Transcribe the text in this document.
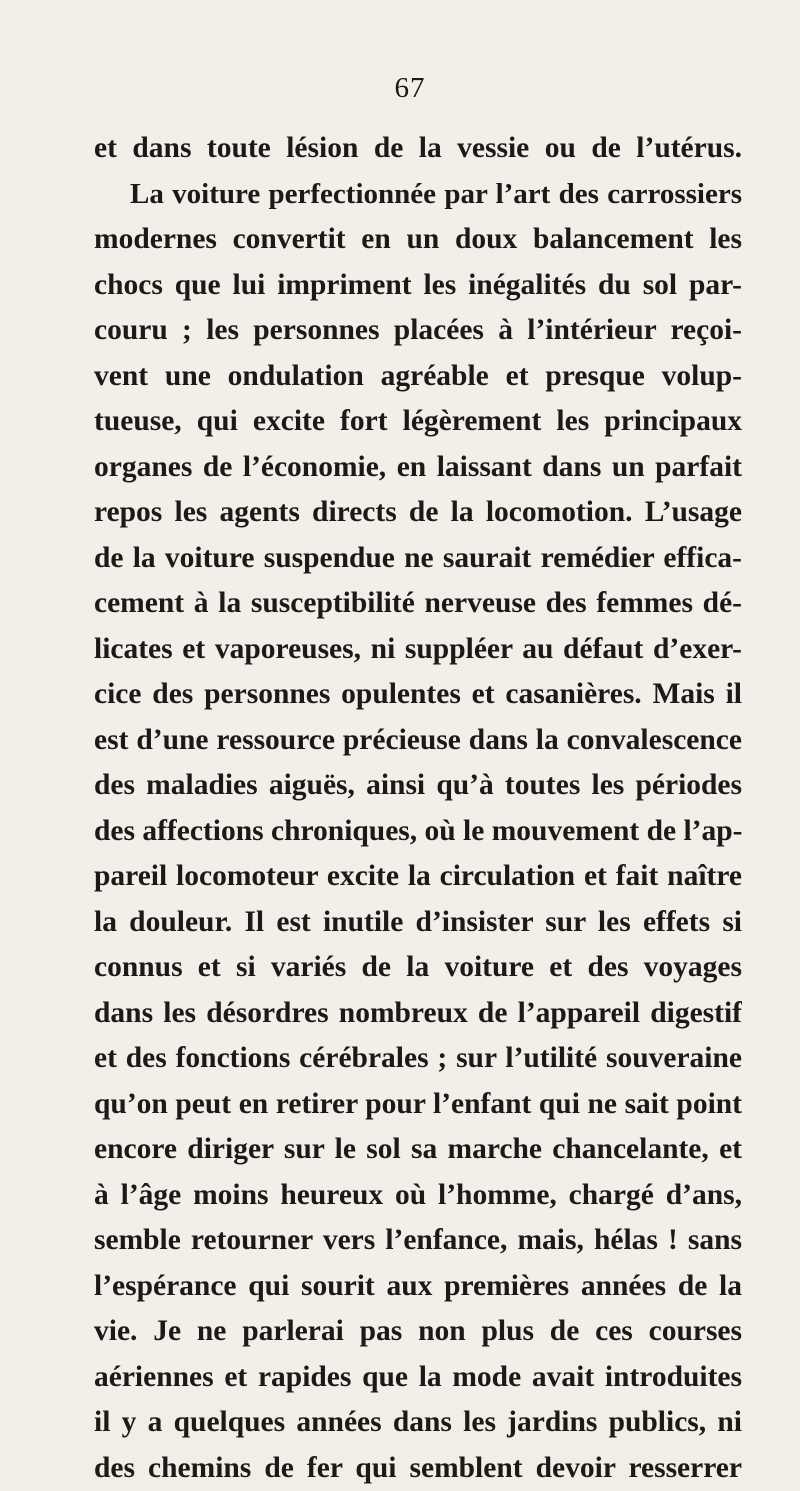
67
et dans toute lésion de la vessie ou de l’utérus.
La voiture perfectionnée par l’art des carrossiers
modernes convertit en un doux balancement les
chocs que lui impriment les inégalités du sol par-
couru ; les personnes placées à l’intérieur reçoi-
vent une ondulation agréable et presque volup-
tueuse, qui excite fort légèrement les principaux
organes de l’économie, en laissant dans un parfait
repos les agents directs de la locomotion. L’usage
de la voiture suspendue ne saurait remédier effica-
cement à la susceptibilité nerveuse des femmes dé-
licates et vaporeuses, ni suppléer au défaut d’exer-
cice des personnes opulentes et casanières. Mais il
est d’une ressource précieuse dans la convalescence
des maladies aiguës, ainsi qu’à toutes les périodes
des affections chroniques, où le mouvement de l’ap-
pareil locomoteur excite la circulation et fait naître
la douleur. Il est inutile d’insister sur les effets si
connus et si variés de la voiture et des voyages
dans les désordres nombreux de l’appareil digestif
et des fonctions cérébrales ; sur l’utilité souveraine
qu’on peut en retirer pour l’enfant qui ne sait point
encore diriger sur le sol sa marche chancelante, et
à l’âge moins heureux où l’homme, chargé d’ans,
semble retourner vers l’enfance, mais, hélas ! sans
l’espérance qui sourit aux premières années de la
vie. Je ne parlerai pas non plus de ces courses
aériennes et rapides que la mode avait introduites
il y a quelques années dans les jardins publics, ni
des chemins de fer qui semblent devoir resserrer
